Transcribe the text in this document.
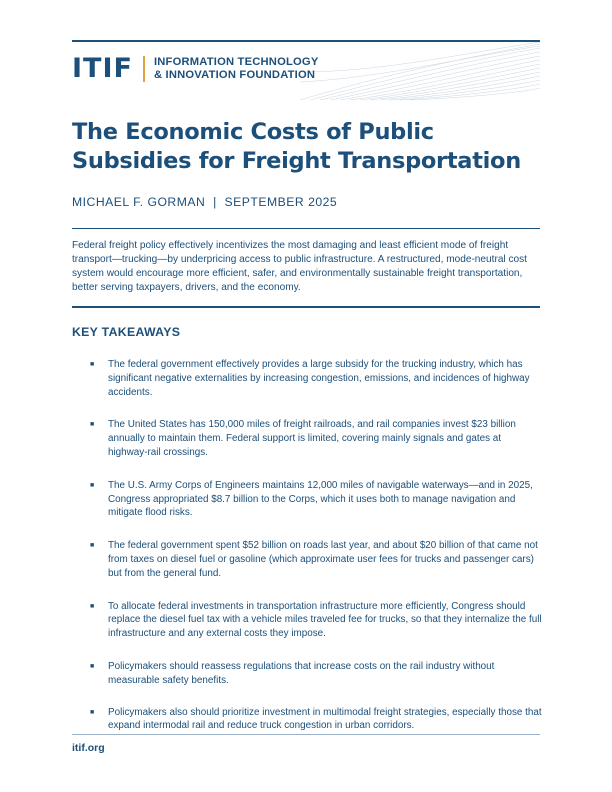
ITIF INFORMATION TECHNOLOGY
& INNOVATION FOUNDATION
The Economic Costs of Public Subsidies for Freight Transportation
MICHAEL F. GORMAN  |  SEPTEMBER 2025

Federal freight policy effectively incentivizes the most damaging and least efficient mode of freight transport—trucking—by underpricing access to public infrastructure. A restructured, mode-neutral cost system would encourage more efficient, safer, and environmentally sustainable freight transportation, better serving taxpayers, drivers, and the economy.

KEY TAKEAWAYS
■ The federal government effectively provides a large subsidy for the trucking industry, which has significant negative externalities by increasing congestion, emissions, and incidences of highway accidents.
■ The United States has 150,000 miles of freight railroads, and rail companies invest $23 billion annually to maintain them. Federal support is limited, covering mainly signals and gates at highway-rail crossings.
■ The U.S. Army Corps of Engineers maintains 12,000 miles of navigable waterways—and in 2025, Congress appropriated $8.7 billion to the Corps, which it uses both to manage navigation and mitigate flood risks.
■ The federal government spent $52 billion on roads last year, and about $20 billion of that came not from taxes on diesel fuel or gasoline (which approximate user fees for trucks and passenger cars) but from the general fund.
■ To allocate federal investments in transportation infrastructure more efficiently, Congress should replace the diesel fuel tax with a vehicle miles traveled fee for trucks, so that they internalize the full infrastructure and any external costs they impose.
■ Policymakers should reassess regulations that increase costs on the rail industry without measurable safety benefits.
■ Policymakers also should prioritize investment in multimodal freight strategies, especially those that expand intermodal rail and reduce truck congestion in urban corridors.
itif.org
